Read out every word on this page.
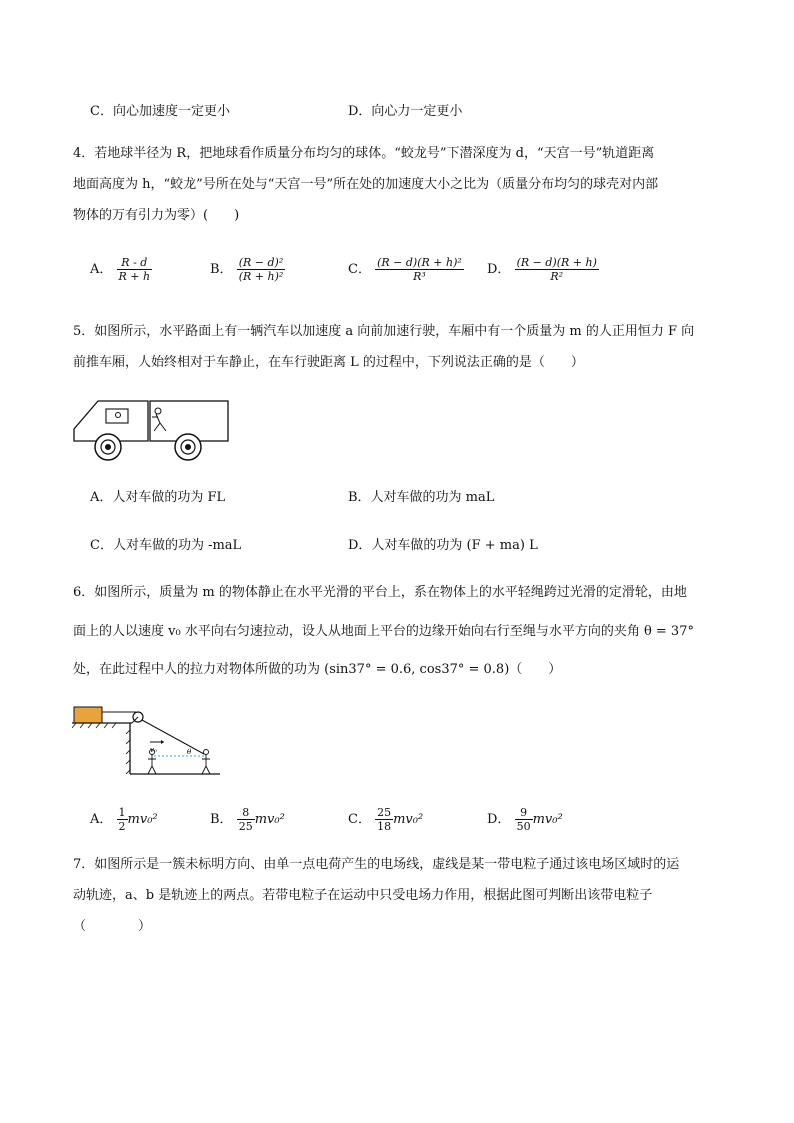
C．向心加速度一定更小	D．向心力一定更小
4．若地球半径为 R，把地球看作质量分布均匀的球体。“蛟龙号”下潜深度为 d，“天宫一号”轨道距离
地面高度为 h，“蛟龙”号所在处与“天宫一号”所在处的加速度大小之比为（质量分布均匀的球壳对内部
物体的万有引力为零）(　　)
A． $\frac{R - d}{R + h}$	B． $\frac{\text{(R − d)²}}{\text{(R + h)²}}$	C． $\frac{\text{(R − d)(R + h)²}}{\text{R³}}$ D． $\frac{(R - d)(R + h)}{\text{R²}}$
5．如图所示，水平路面上有一辆汽车以加速度 a 向前加速行驶，车厢中有一个质量为 m 的人正用恒力 F 向
前推车厢，人始终相对于车静止，在车行驶距离 L 的过程中，下列说法正确的是（　　）
A．人对车做的功为 FL	B．人对车做的功为 maL
C．人对车做的功为 -maL	D．人对车做的功为 (F + ma) L
6．如图所示，质量为 m 的物体静止在水平光滑的平台上，系在物体上的水平轻绳跨过光滑的定滑轮，由地
面上的人以速度 v₀ 水平向右匀速拉动，设人从地面上平台的边缘开始向右行至绳与水平方向的夹角 θ = 37°
处，在此过程中人的拉力对物体所做的功为 (sin37° = 0.6, cos37° = 0.8)（　　）
v₀	θ
A． $\frac{1}{2} mv_0^2$	B． $\frac{8}{25} mv_0^2$	C． $\frac{25}{18} mv_0^2$	D． $\frac{9}{50} mv_0^2$
7．如图所示是一簇未标明方向、由单一点电荷产生的电场线，虚线是某一带电粒子通过该电场区域时的运
动轨迹，a、b 是轨迹上的两点。若带电粒子在运动中只受电场力作用，根据此图可判断出该带电粒子
（　　　　）
